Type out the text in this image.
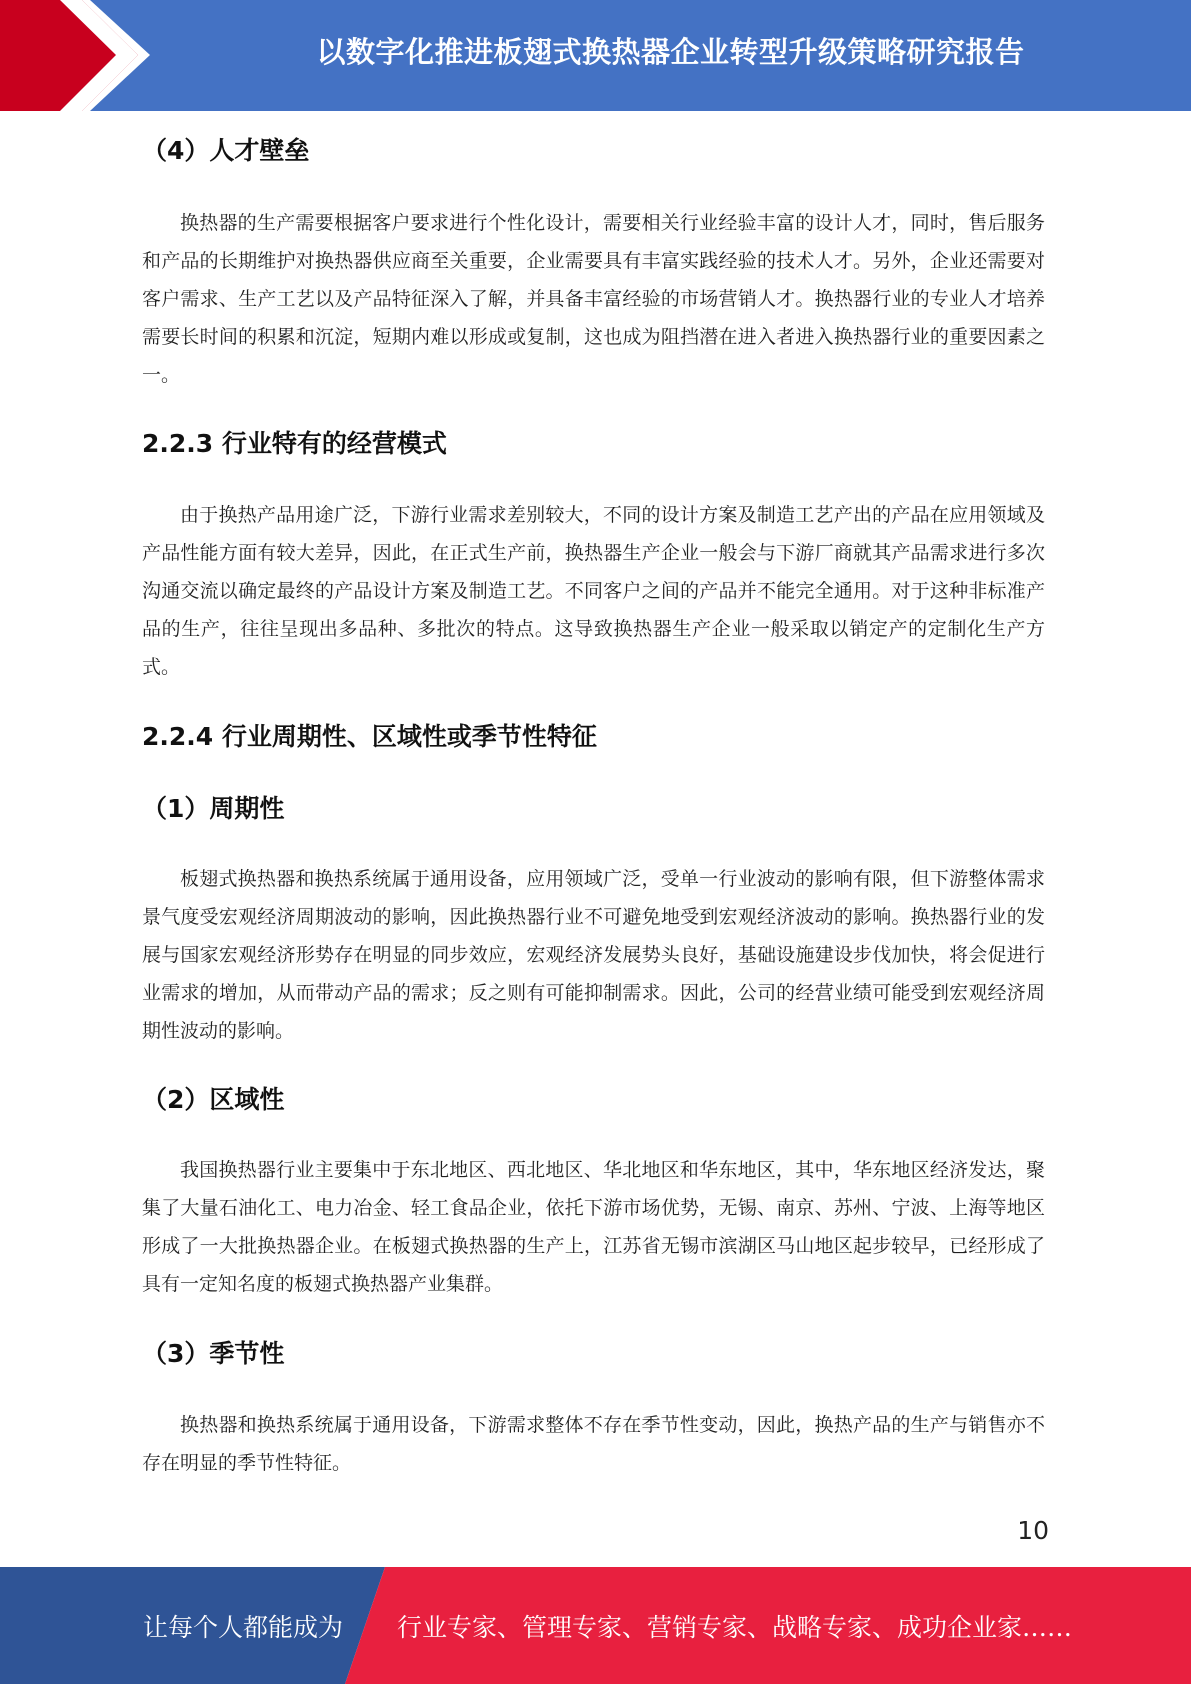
以数字化推进板翅式换热器企业转型升级策略研究报告
（4）人才壁垒

换热器的生产需要根据客户要求进行个性化设计，需要相关行业经验丰富的设计人才，同时，售后服务和产品的长期维护对换热器供应商至关重要，企业需要具有丰富实践经验的技术人才。另外，企业还需要对客户需求、生产工艺以及产品特征深入了解，并具备丰富经验的市场营销人才。换热器行业的专业人才培养需要长时间的积累和沉淀，短期内难以形成或复制，这也成为阻挡潜在进入者进入换热器行业的重要因素之一。

2.2.3 行业特有的经营模式

由于换热产品用途广泛，下游行业需求差别较大，不同的设计方案及制造工艺产出的产品在应用领域及产品性能方面有较大差异，因此，在正式生产前，换热器生产企业一般会与下游厂商就其产品需求进行多次沟通交流以确定最终的产品设计方案及制造工艺。不同客户之间的产品并不能完全通用。对于这种非标准产品的生产，往往呈现出多品种、多批次的特点。这导致换热器生产企业一般采取以销定产的定制化生产方式。

2.2.4 行业周期性、区域性或季节性特征
（1）周期性

板翅式换热器和换热系统属于通用设备，应用领域广泛，受单一行业波动的影响有限，但下游整体需求景气度受宏观经济周期波动的影响，因此换热器行业不可避免地受到宏观经济波动的影响。换热器行业的发展与国家宏观经济形势存在明显的同步效应，宏观经济发展势头良好，基础设施建设步伐加快，将会促进行业需求的增加，从而带动产品的需求；反之则有可能抑制需求。因此，公司的经营业绩可能受到宏观经济周期性波动的影响。

（2）区域性

我国换热器行业主要集中于东北地区、西北地区、华北地区和华东地区，其中，华东地区经济发达，聚集了大量石油化工、电力冶金、轻工食品企业，依托下游市场优势，无锡、南京、苏州、宁波、上海等地区形成了一大批换热器企业。在板翅式换热器的生产上，江苏省无锡市滨湖区马山地区起步较早，已经形成了具有一定知名度的板翅式换热器产业集群。

（3）季节性

换热器和换热系统属于通用设备，下游需求整体不存在季节性变动，因此，换热产品的生产与销售亦不存在明显的季节性特征。

10
让每个人都能成为 行业专家、管理专家、营销专家、战略专家、成功企业家……
